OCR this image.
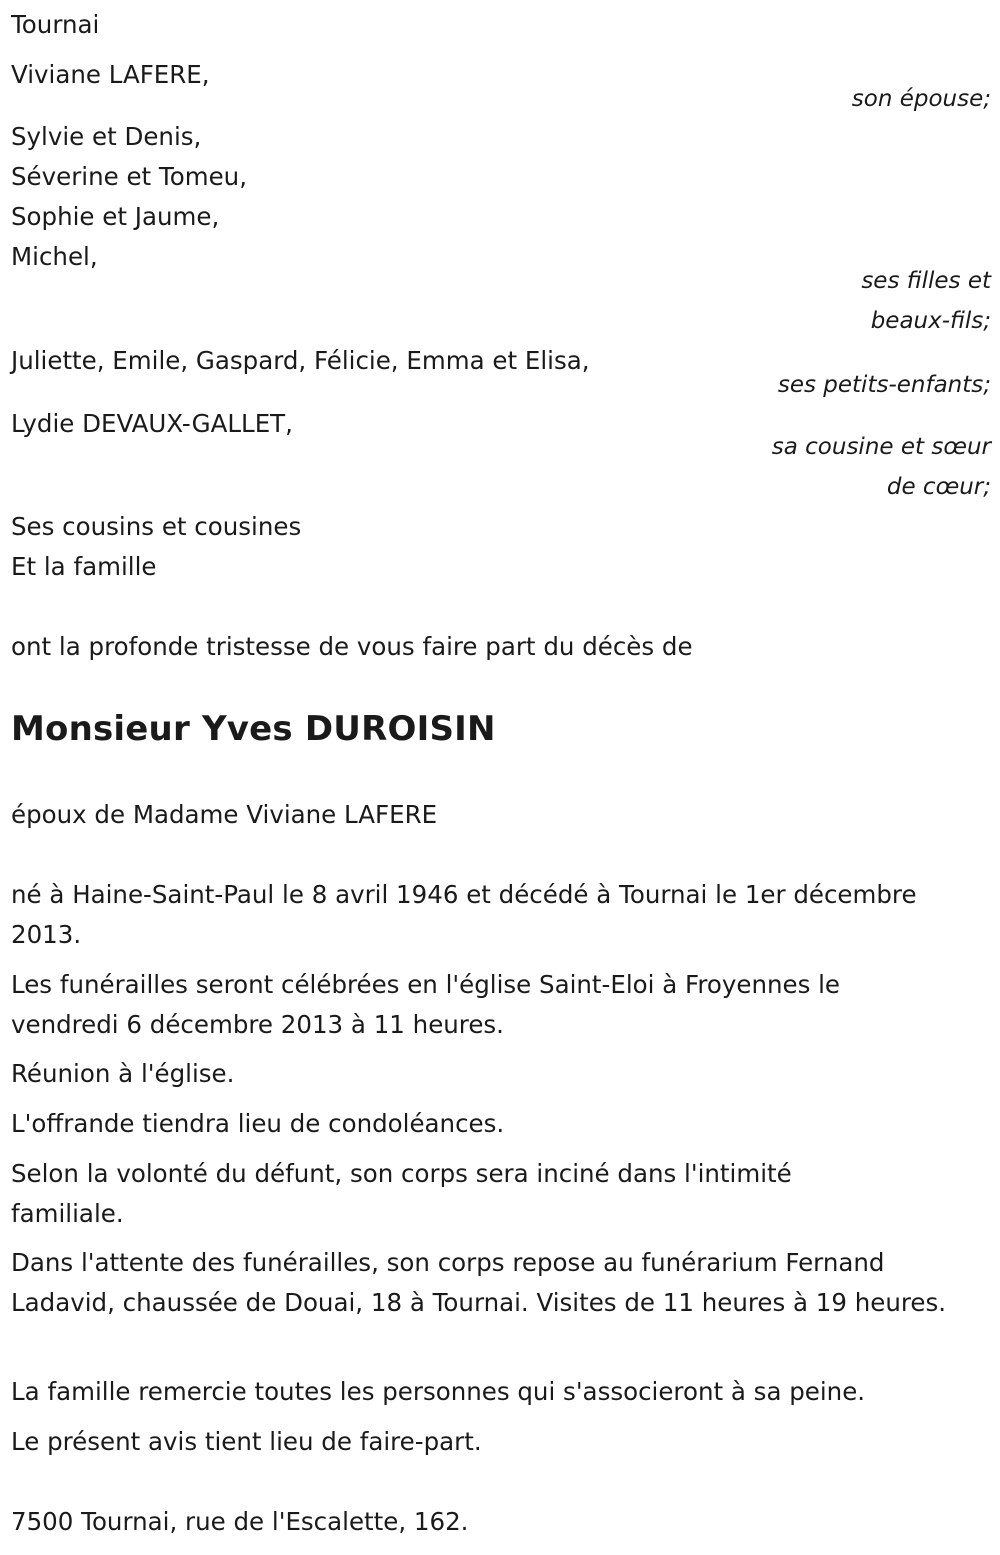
Tournai
Viviane LAFERE,
son épouse;
Sylvie et Denis,
Séverine et Tomeu,
Sophie et Jaume,
Michel,
ses filles et
beaux-fils;
Juliette, Emile, Gaspard, Félicie, Emma et Elisa,
ses petits-enfants;
Lydie DEVAUX-GALLET,
sa cousine et sœur
de cœur;
Ses cousins et cousines
Et la famille
ont la profonde tristesse de vous faire part du décès de
Monsieur Yves DUROISIN
époux de Madame Viviane LAFERE
né à Haine-Saint-Paul le 8 avril 1946 et décédé à Tournai le 1er décembre 2013.
Les funérailles seront célébrées en l'église Saint-Eloi à Froyennes le vendredi 6 décembre 2013 à 11 heures.
Réunion à l'église.
L'offrande tiendra lieu de condoléances.
Selon la volonté du défunt, son corps sera inciné dans l'intimité familiale.
Dans l'attente des funérailles, son corps repose au funérarium Fernand Ladavid, chaussée de Douai, 18 à Tournai. Visites de 11 heures à 19 heures.
La famille remercie toutes les personnes qui s'associeront à sa peine.
Le présent avis tient lieu de faire-part.
7500 Tournai, rue de l'Escalette, 162.
